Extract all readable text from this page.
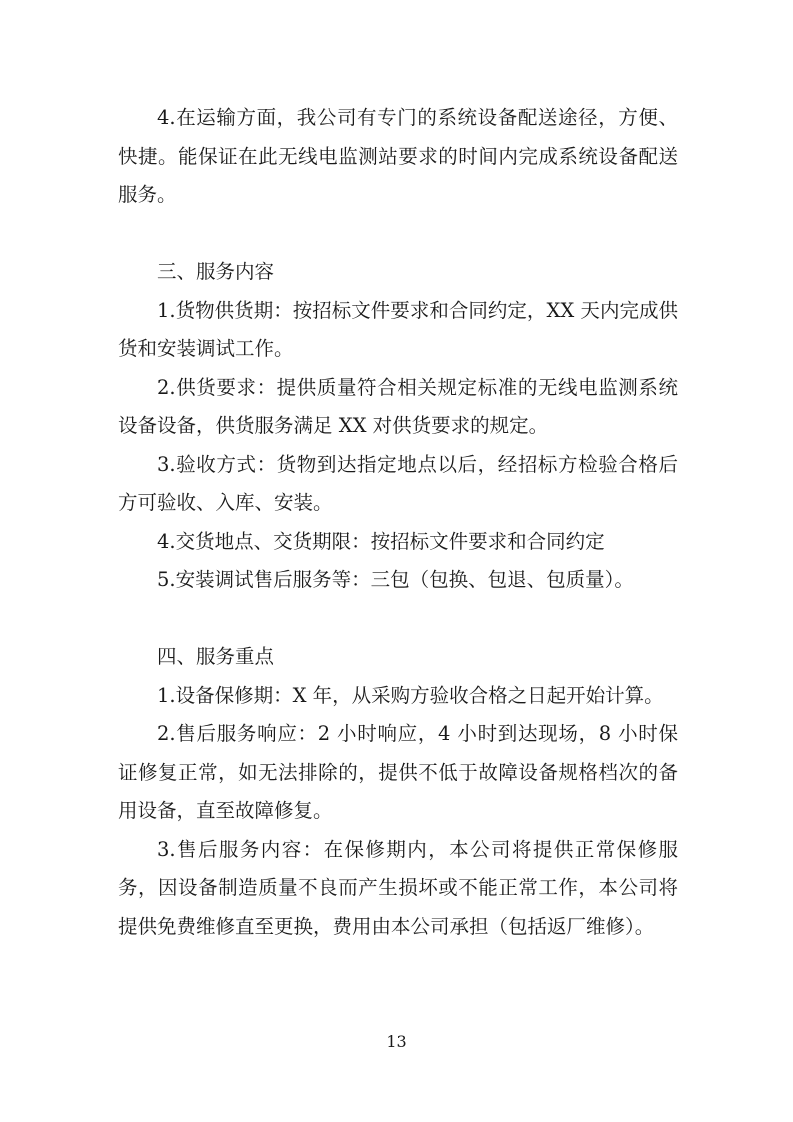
4.在运输方面，我公司有专门的系统设备配送途径，方便、快捷。能保证在此无线电监测站要求的时间内完成系统设备配送服务。

三、服务内容

1.货物供货期：按招标文件要求和合同约定，XX 天内完成供货和安装调试工作。

2.供货要求：提供质量符合相关规定标准的无线电监测系统设备设备，供货服务满足 XX 对供货要求的规定。

3.验收方式：货物到达指定地点以后，经招标方检验合格后方可验收、入库、安装。

4.交货地点、交货期限：按招标文件要求和合同约定

5.安装调试售后服务等：三包（包换、包退、包质量）。

四、服务重点

1.设备保修期：X 年，从采购方验收合格之日起开始计算。

2.售后服务响应：2 小时响应，4 小时到达现场，8 小时保证修复正常，如无法排除的，提供不低于故障设备规格档次的备用设备，直至故障修复。

3.售后服务内容：在保修期内，本公司将提供正常保修服务，因设备制造质量不良而产生损坏或不能正常工作，本公司将提供免费维修直至更换，费用由本公司承担（包括返厂维修）。

13
